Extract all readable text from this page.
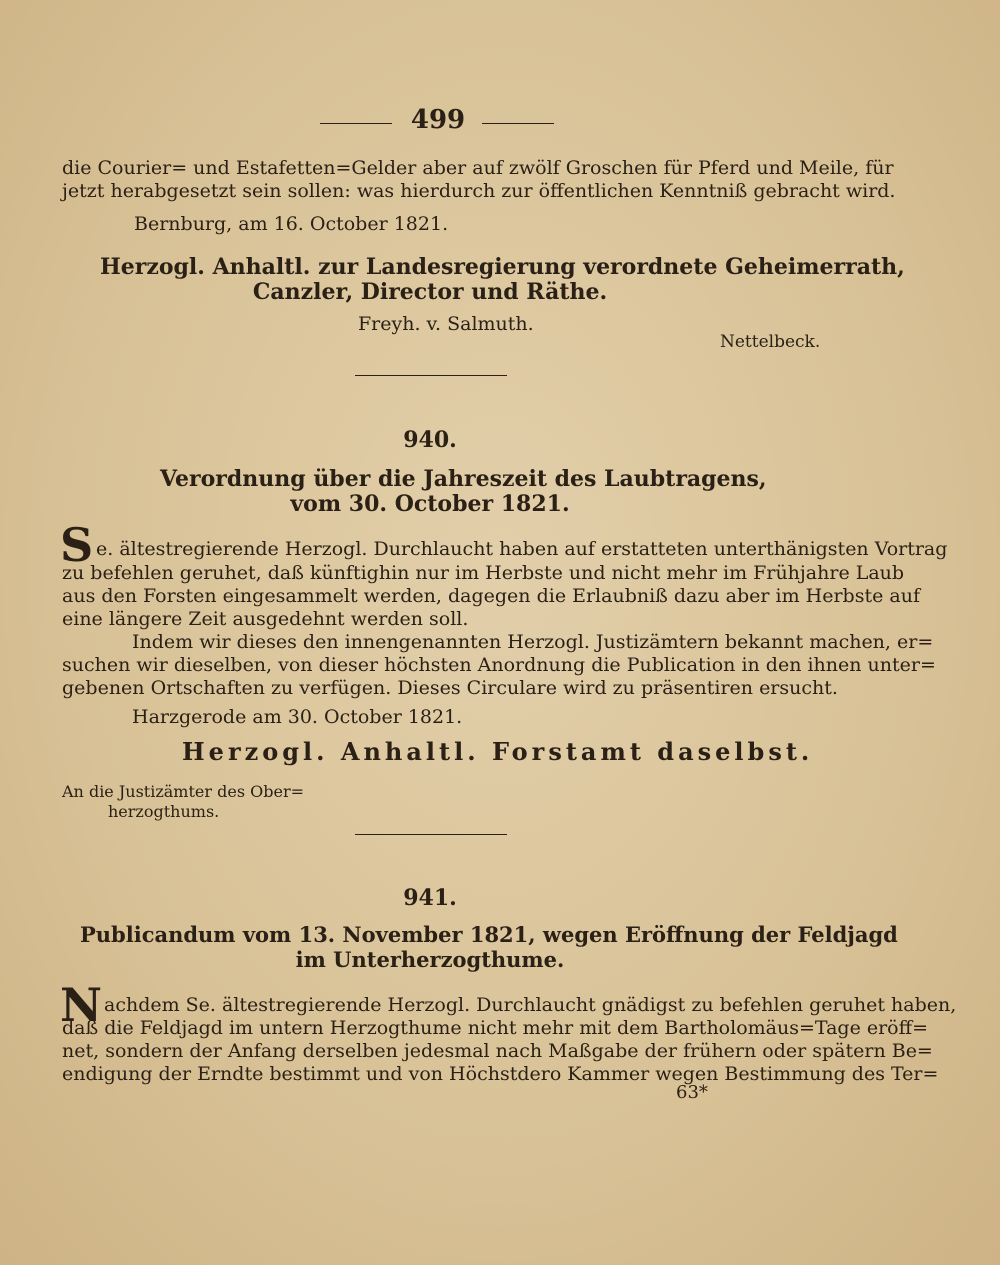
499
die Courier= und Estafetten=Gelder aber auf zwölf Groschen für Pferd und Meile, für
jetzt herabgesetzt sein sollen: was hierdurch zur öffentlichen Kenntniß gebracht wird.
Bernburg, am 16. October 1821.
Herzogl. Anhaltl. zur Landesregierung verordnete Geheimerrath,
Canzler, Director und Räthe.
Freyh. v. Salmuth.
Nettelbeck.
940.
Verordnung über die Jahreszeit des Laubtragens,
vom 30. October 1821.
S e. ältestregierende Herzogl. Durchlaucht haben auf erstatteten unterthänigsten Vortrag
zu befehlen geruhet, daß künftighin nur im Herbste und nicht mehr im Frühjahre Laub
aus den Forsten eingesammelt werden, dagegen die Erlaubniß dazu aber im Herbste auf
eine längere Zeit ausgedehnt werden soll.
Indem wir dieses den innengenannten Herzogl. Justizämtern bekannt machen, er=
suchen wir dieselben, von dieser höchsten Anordnung die Publication in den ihnen unter=
gebenen Ortschaften zu verfügen. Dieses Circulare wird zu präsentiren ersucht.
Harzgerode am 30. October 1821.
Herzogl. Anhaltl. Forstamt daselbst.
An die Justizämter des Ober=
herzogthums.
941.
Publicandum vom 13. November 1821, wegen Eröffnung der Feldjagd
im Unterherzogthume.
N achdem Se. ältestregierende Herzogl. Durchlaucht gnädigst zu befehlen geruhet haben,
daß die Feldjagd im untern Herzogthume nicht mehr mit dem Bartholomäus=Tage eröff=
net, sondern der Anfang derselben jedesmal nach Maßgabe der frühern oder spätern Be=
endigung der Erndte bestimmt und von Höchstdero Kammer wegen Bestimmung des Ter=
63*
